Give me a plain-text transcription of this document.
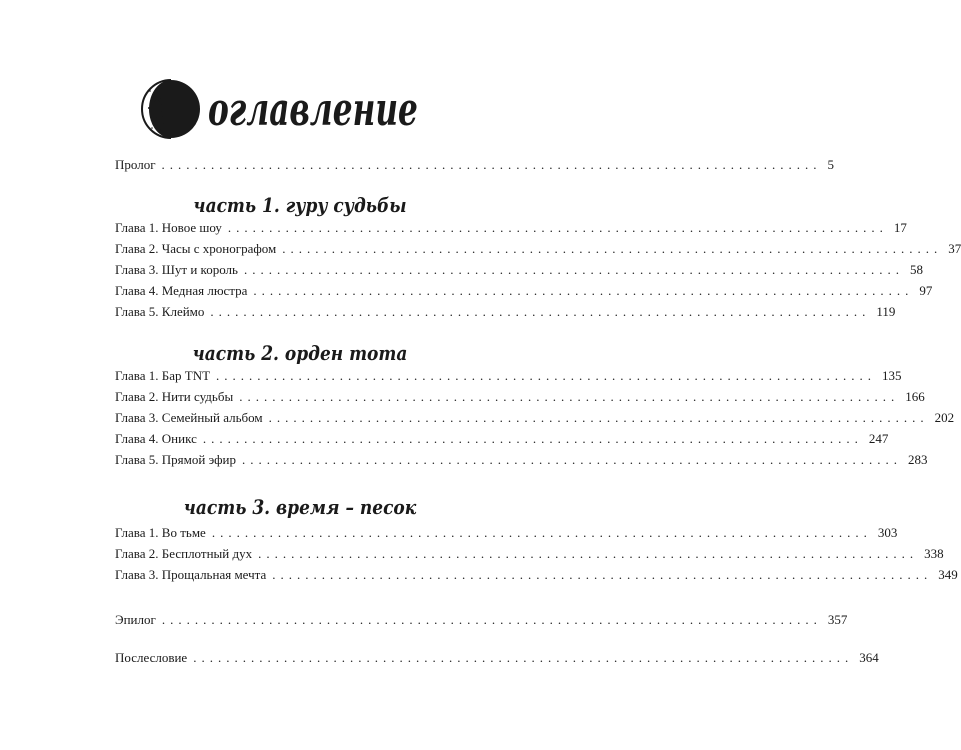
оглавление
Пролог ................................................................................ 5
часть 1. гуру судьбы
Глава 1. Новое шоу ................................................................................ 17
Глава 2. Часы с хронографом ................................................................................ 37
Глава 3. Шут и король ................................................................................ 58
Глава 4. Медная люстра ................................................................................ 97
Глава 5. Клеймо ................................................................................ 119
часть 2. орден тота
Глава 1. Бар TNT ................................................................................ 135
Глава 2. Нити судьбы ................................................................................ 166
Глава 3. Семейный альбом ................................................................................ 202
Глава 4. Оникс ................................................................................ 247
Глава 5. Прямой эфир ................................................................................ 283
часть 3. время – песок
Глава 1. Во тьме ................................................................................ 303
Глава 2. Бесплотный дух ................................................................................ 338
Глава 3. Прощальная мечта ................................................................................ 349
Эпилог ................................................................................ 357
Послесловие ................................................................................ 364
